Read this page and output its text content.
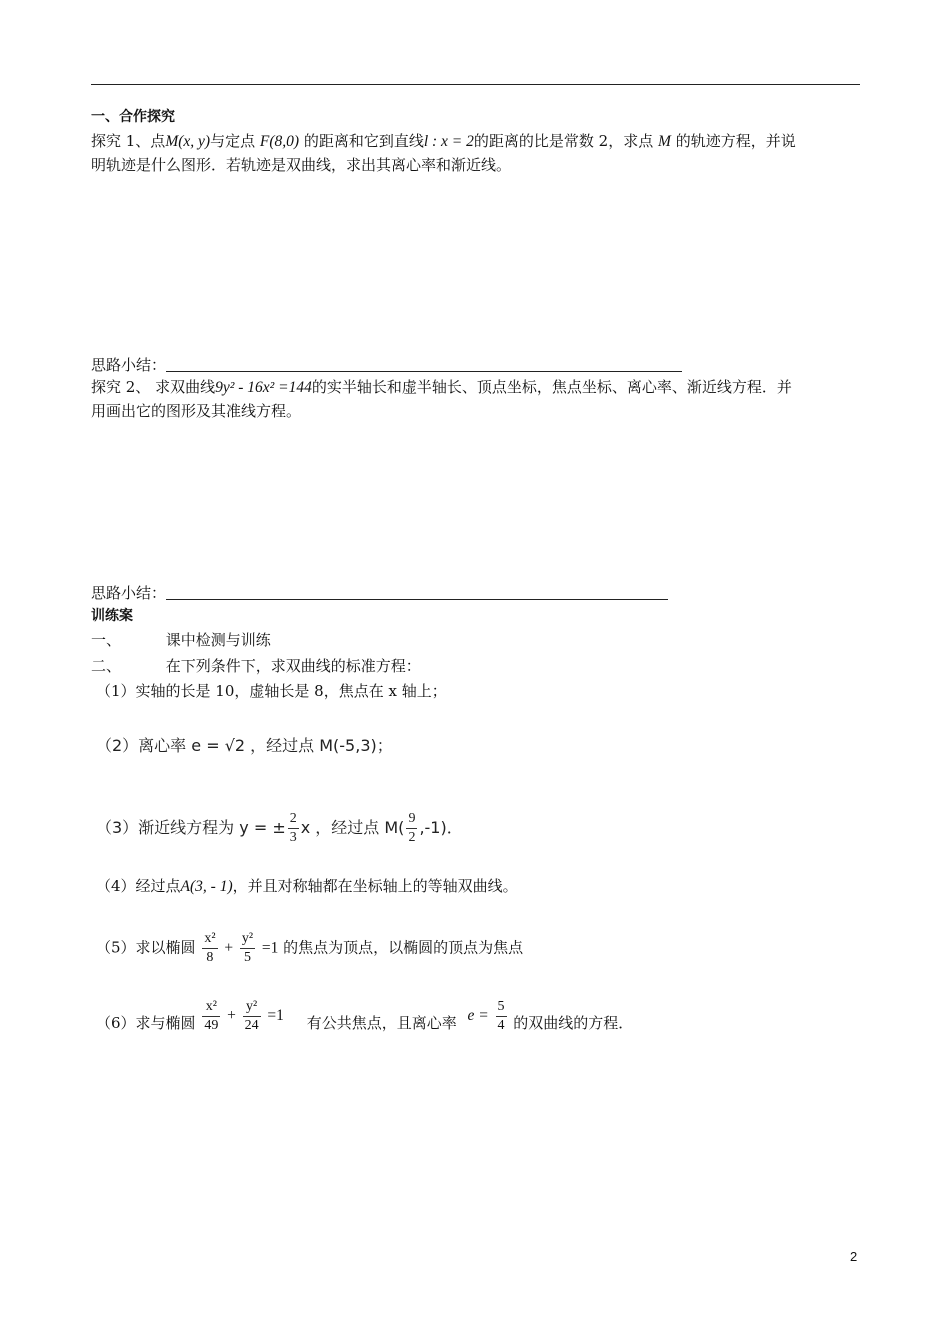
一、合作探究
探究 1、点M(x, y)与定点 F(8,0) 的距离和它到直线l : x = 2的距离的比是常数 2，求点 M 的轨迹方程，并说
明轨迹是什么图形．若轨迹是双曲线，求出其离心率和渐近线。
思路小结：
探究 2、 求双曲线9y² - 16x² =144的实半轴长和虚半轴长、顶点坐标，焦点坐标、离心率、渐近线方程．并
用画出它的图形及其准线方程。
思路小结：
训练案
一、	课中检测与训练
二、	在下列条件下，求双曲线的标准方程：
（1）实轴的长是 10，虚轴长是 8，焦点在 x 轴上；
（2）离心率 e = √2 ，经过点 M(-5,3)；
（3）渐近线方程为 y = ± $\frac{2}{3}$ x ，经过点 $M( \frac{9}{2} ,-1)$．
（4）经过点A(3, - 1)，并且对称轴都在坐标轴上的等轴双曲线。
（5）求以椭圆 $\frac{\text{x²}}{8} + \frac{\text{y²}}{5} =1$ 的焦点为顶点，以椭圆的顶点为焦点
（6）求与椭圆 $\frac{\text{x²}}{49} + \frac{\text{y²}}{24} =1$ 有公共焦点，且离心率 $e = \frac{5}{4}$ 的双曲线的方程．
2
